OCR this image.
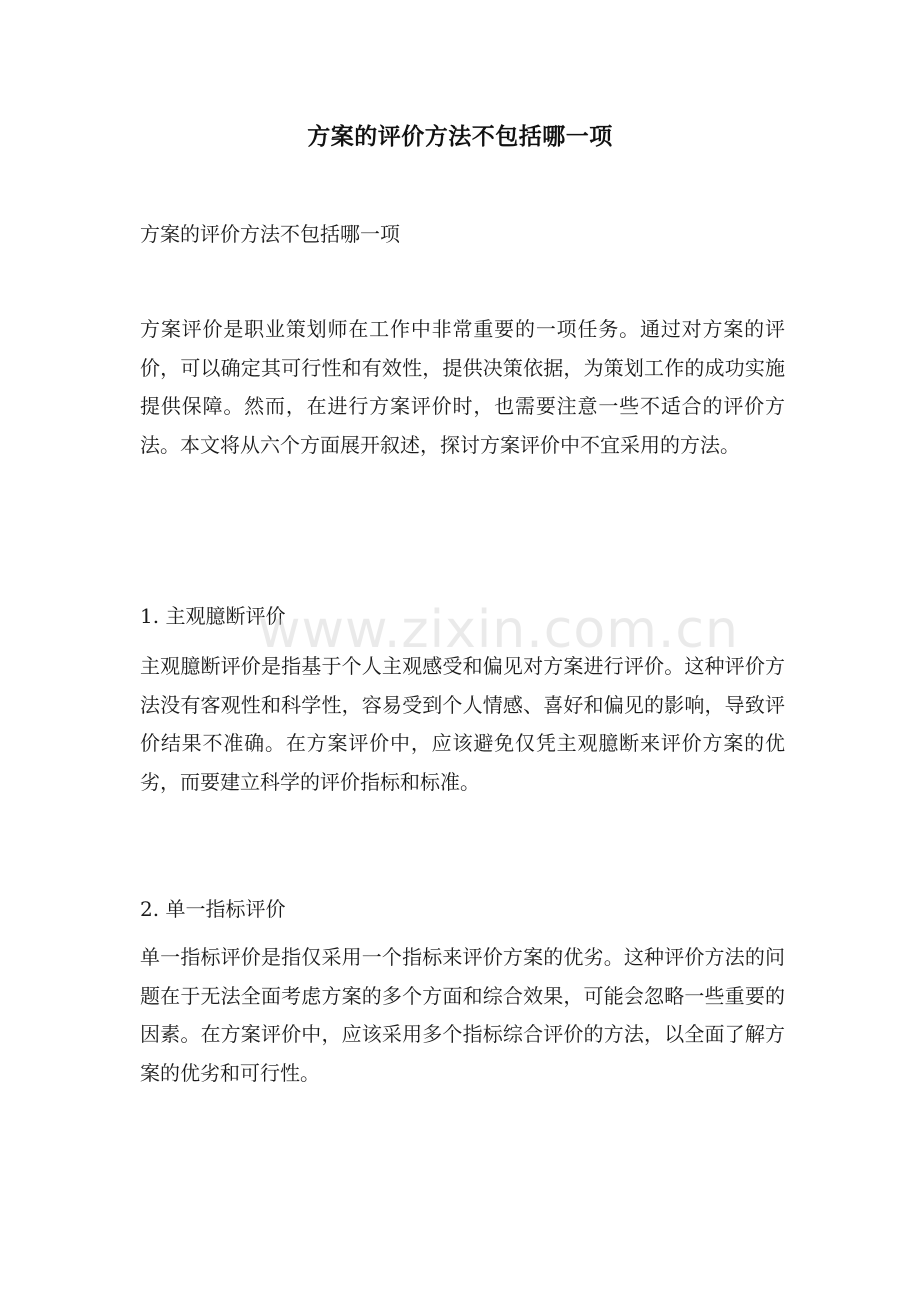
方案的评价方法不包括哪一项
方案的评价方法不包括哪一项

方案评价是职业策划师在工作中非常重要的一项任务。通过对方案的评价，可以确定其可行性和有效性，提供决策依据，为策划工作的成功实施提供保障。然而，在进行方案评价时，也需要注意一些不适合的评价方法。本文将从六个方面展开叙述，探讨方案评价中不宜采用的方法。

1. 主观臆断评价

主观臆断评价是指基于个人主观感受和偏见对方案进行评价。这种评价方法没有客观性和科学性，容易受到个人情感、喜好和偏见的影响，导致评价结果不准确。在方案评价中，应该避免仅凭主观臆断来评价方案的优劣，而要建立科学的评价指标和标准。

2. 单一指标评价

单一指标评价是指仅采用一个指标来评价方案的优劣。这种评价方法的问题在于无法全面考虑方案的多个方面和综合效果，可能会忽略一些重要的因素。在方案评价中，应该采用多个指标综合评价的方法，以全面了解方案的优劣和可行性。

www.zixin.com.cn
